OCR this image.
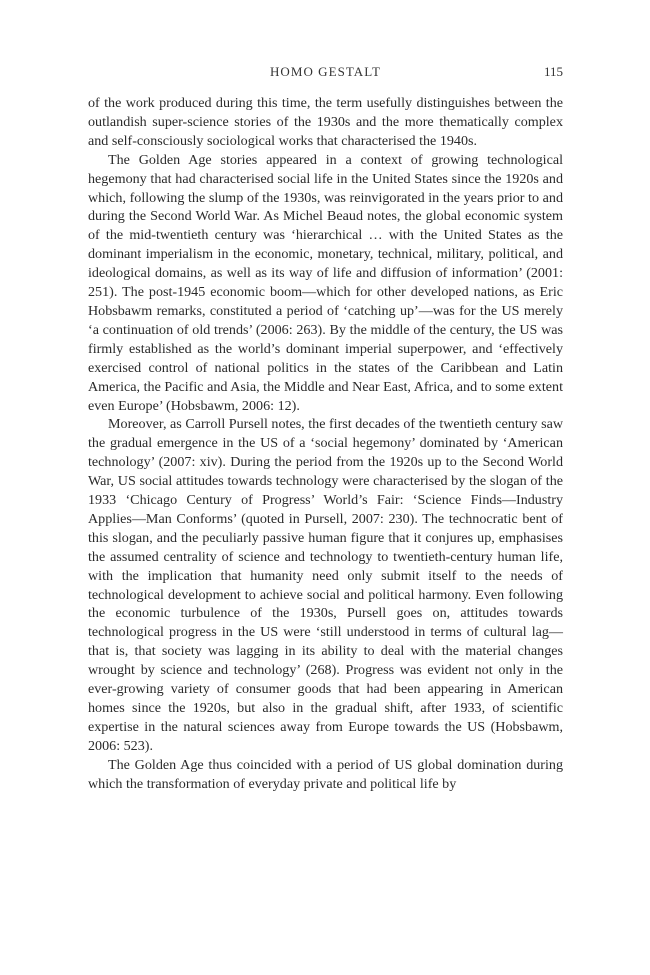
HOMO GESTALT	115

of the work produced during this time, the term usefully distinguishes between the outlandish super-science stories of the 1930s and the more thematically complex and self-consciously sociological works that characterised the 1940s.

The Golden Age stories appeared in a context of growing technological hegemony that had characterised social life in the United States since the 1920s and which, following the slump of the 1930s, was reinvigorated in the years prior to and during the Second World War. As Michel Beaud notes, the global economic system of the mid-twentieth century was ‘hierarchical … with the United States as the dominant imperialism in the economic, monetary, technical, military, political, and ideological domains, as well as its way of life and diffusion of information’ (2001: 251). The post-1945 economic boom—which for other developed nations, as Eric Hobsbawm remarks, constituted a period of ‘catching up’—was for the US merely ‘a continuation of old trends’ (2006: 263). By the middle of the century, the US was firmly established as the world’s dominant imperial superpower, and ‘effectively exercised control of national politics in the states of the Caribbean and Latin America, the Pacific and Asia, the Middle and Near East, Africa, and to some extent even Europe’ (Hobsbawm, 2006: 12).

Moreover, as Carroll Pursell notes, the first decades of the twentieth century saw the gradual emergence in the US of a ‘social hegemony’ dominated by ‘American technology’ (2007: xiv). During the period from the 1920s up to the Second World War, US social attitudes towards technology were characterised by the slogan of the 1933 ‘Chicago Century of Progress’ World’s Fair: ‘Science Finds—Industry Applies—Man Conforms’ (quoted in Pursell, 2007: 230). The technocratic bent of this slogan, and the peculiarly passive human figure that it conjures up, emphasises the assumed centrality of science and technology to twentieth-century human life, with the implication that humanity need only submit itself to the needs of technological development to achieve social and political harmony. Even following the economic turbulence of the 1930s, Pursell goes on, attitudes towards technological progress in the US were ‘still understood in terms of cultural lag—that is, that society was lagging in its ability to deal with the material changes wrought by science and technology’ (268). Progress was evident not only in the ever-growing variety of consumer goods that had been appearing in American homes since the 1920s, but also in the gradual shift, after 1933, of scientific expertise in the natural sciences away from Europe towards the US (Hobsbawm, 2006: 523).

The Golden Age thus coincided with a period of US global domination during which the transformation of everyday private and political life by
